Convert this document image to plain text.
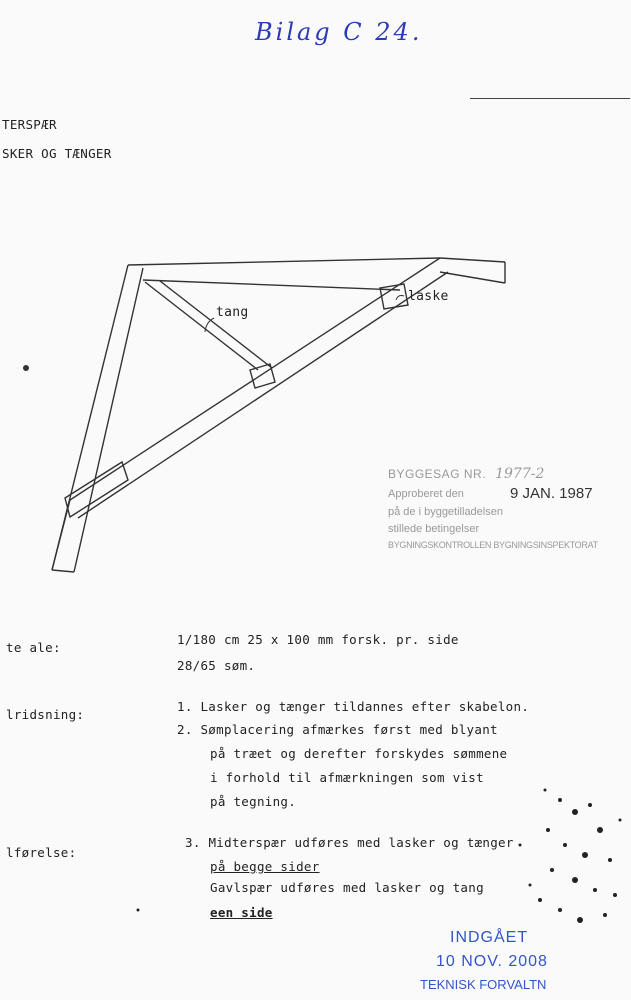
Bilag C 24.
TERSPÆR
SKER OG TÆNGER
tang
laske
BYGGESAG NR. 1977-2
Approberet den	9 JAN. 1987
på de i byggetilladelsen
stillede betingelser
BYGNINGSKONTROLLEN BYGNINGSINSPEKTORAT
te ale:
1/180 cm 25 x 100 mm forsk. pr. side
28/65 søm.
lridsning:
1. Lasker og tænger tildannes efter skabelon.
2. Sømplacering afmærkes først med blyant
på træet og derefter forskydes sømmene
i forhold til afmærkningen som vist
på tegning.
lførelse:
3. Midterspær udføres med lasker og tænger
på begge sider
Gavlspær udføres med lasker og tang
een side
INDGÅET
10 NOV. 2008
TEKNISK FORVALTN
